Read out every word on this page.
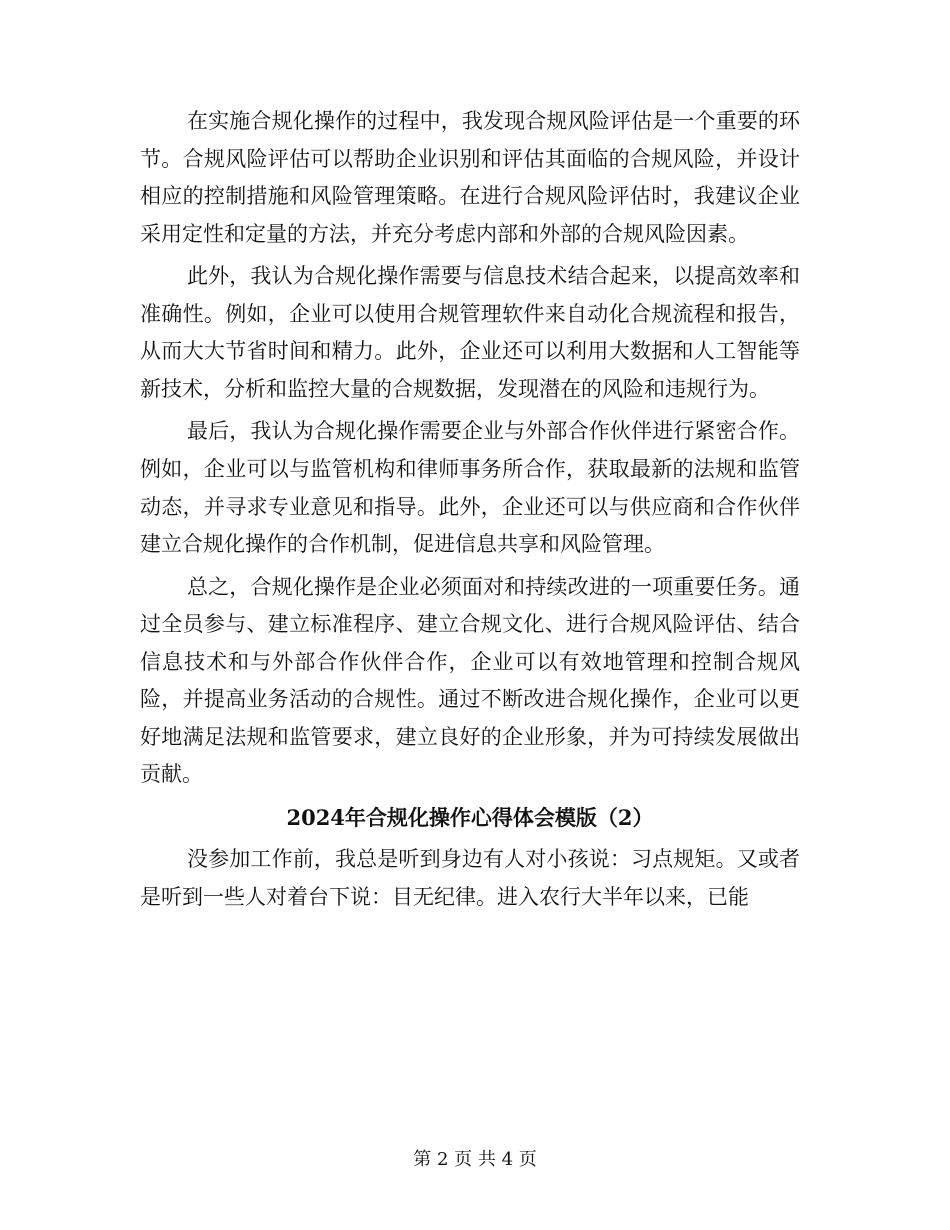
在实施合规化操作的过程中，我发现合规风险评估是一个重要的环节。合规风险评估可以帮助企业识别和评估其面临的合规风险，并设计相应的控制措施和风险管理策略。在进行合规风险评估时，我建议企业采用定性和定量的方法，并充分考虑内部和外部的合规风险因素。

此外，我认为合规化操作需要与信息技术结合起来，以提高效率和准确性。例如，企业可以使用合规管理软件来自动化合规流程和报告，从而大大节省时间和精力。此外，企业还可以利用大数据和人工智能等新技术，分析和监控大量的合规数据，发现潜在的风险和违规行为。

最后，我认为合规化操作需要企业与外部合作伙伴进行紧密合作。例如，企业可以与监管机构和律师事务所合作，获取最新的法规和监管动态，并寻求专业意见和指导。此外，企业还可以与供应商和合作伙伴建立合规化操作的合作机制，促进信息共享和风险管理。

总之，合规化操作是企业必须面对和持续改进的一项重要任务。通过全员参与、建立标准程序、建立合规文化、进行合规风险评估、结合信息技术和与外部合作伙伴合作，企业可以有效地管理和控制合规风险，并提高业务活动的合规性。通过不断改进合规化操作，企业可以更好地满足法规和监管要求，建立良好的企业形象，并为可持续发展做出贡献。

2024年合规化操作心得体会模版（2）

没参加工作前，我总是听到身边有人对小孩说：习点规矩。又或者是听到一些人对着台下说：目无纪律。进入农行大半年以来，已能

第 2 页 共 4 页
